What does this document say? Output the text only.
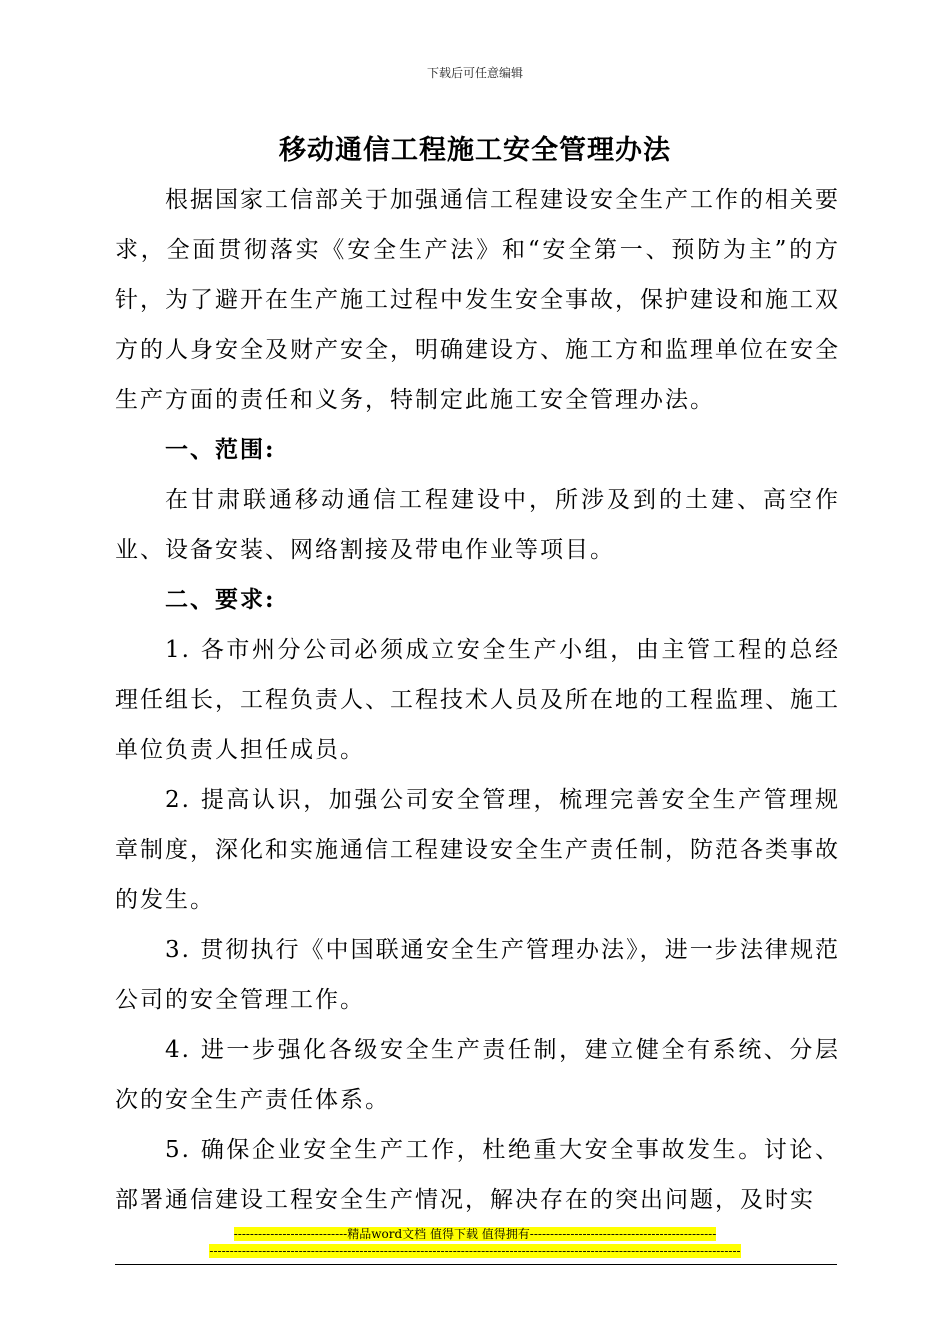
下载后可任意编辑
移动通信工程施工安全管理办法

根据国家工信部关于加强通信工程建设安全生产工作的相关要求，全面贯彻落实《安全生产法》和“安全第一、预防为主”的方针，为了避开在生产施工过程中发生安全事故，保护建设和施工双方的人身安全及财产安全，明确建设方、施工方和监理单位在安全生产方面的责任和义务，特制定此施工安全管理办法。

一、范围:

在甘肃联通移动通信工程建设中，所涉及到的土建、高空作业、设备安装、网络割接及带电作业等项目。

二、要求:

1. 各市州分公司必须成立安全生产小组，由主管工程的总经理任组长，工程负责人、工程技术人员及所在地的工程监理、施工单位负责人担任成员。

2. 提高认识，加强公司安全管理，梳理完善安全生产管理规章制度，深化和实施通信工程建设安全生产责任制，防范各类事故的发生。

3. 贯彻执行《中国联通安全生产管理办法》，进一步法律规范公司的安全管理工作。

4. 进一步强化各级安全生产责任制，建立健全有系统、分层次的安全生产责任体系。

5. 确保企业安全生产工作，杜绝重大安全事故发生。讨论、部署通信建设工程安全生产情况，解决存在的突出问题，及时实

----------------------------精品word文档 值得下载 值得拥有----------------------------------------------
-----------------------------------------------------------------------------------------------------------------------------------
